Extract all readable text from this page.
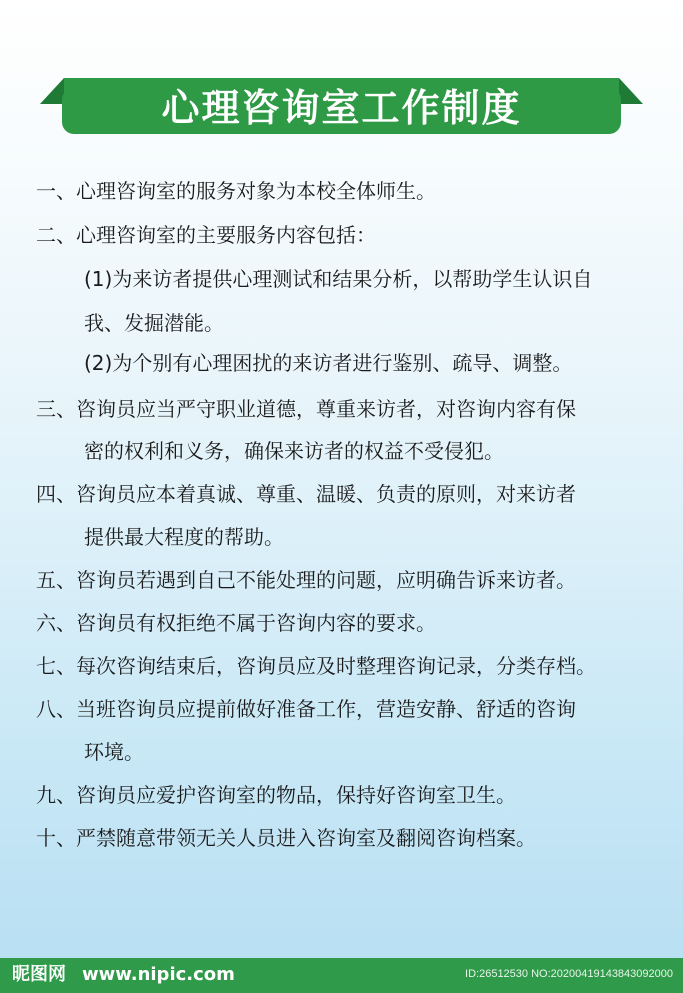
心理咨询室工作制度
一、心理咨询室的服务对象为本校全体师生。
二、心理咨询室的主要服务内容包括：
(1)为来访者提供心理测试和结果分析，以帮助学生认识自
我、发掘潜能。
(2)为个别有心理困扰的来访者进行鉴别、疏导、调整。
三、咨询员应当严守职业道德，尊重来访者，对咨询内容有保
密的权利和义务，确保来访者的权益不受侵犯。
四、咨询员应本着真诚、尊重、温暖、负责的原则，对来访者
提供最大程度的帮助。
五、咨询员若遇到自己不能处理的问题，应明确告诉来访者。
六、咨询员有权拒绝不属于咨询内容的要求。
七、每次咨询结束后，咨询员应及时整理咨询记录，分类存档。
八、当班咨询员应提前做好准备工作，营造安静、舒适的咨询
环境。
九、咨询员应爱护咨询室的物品，保持好咨询室卫生。
十、严禁随意带领无关人员进入咨询室及翻阅咨询档案。
昵图网 www.nipic.com	ID:26512530 NO:20200419143843092000
